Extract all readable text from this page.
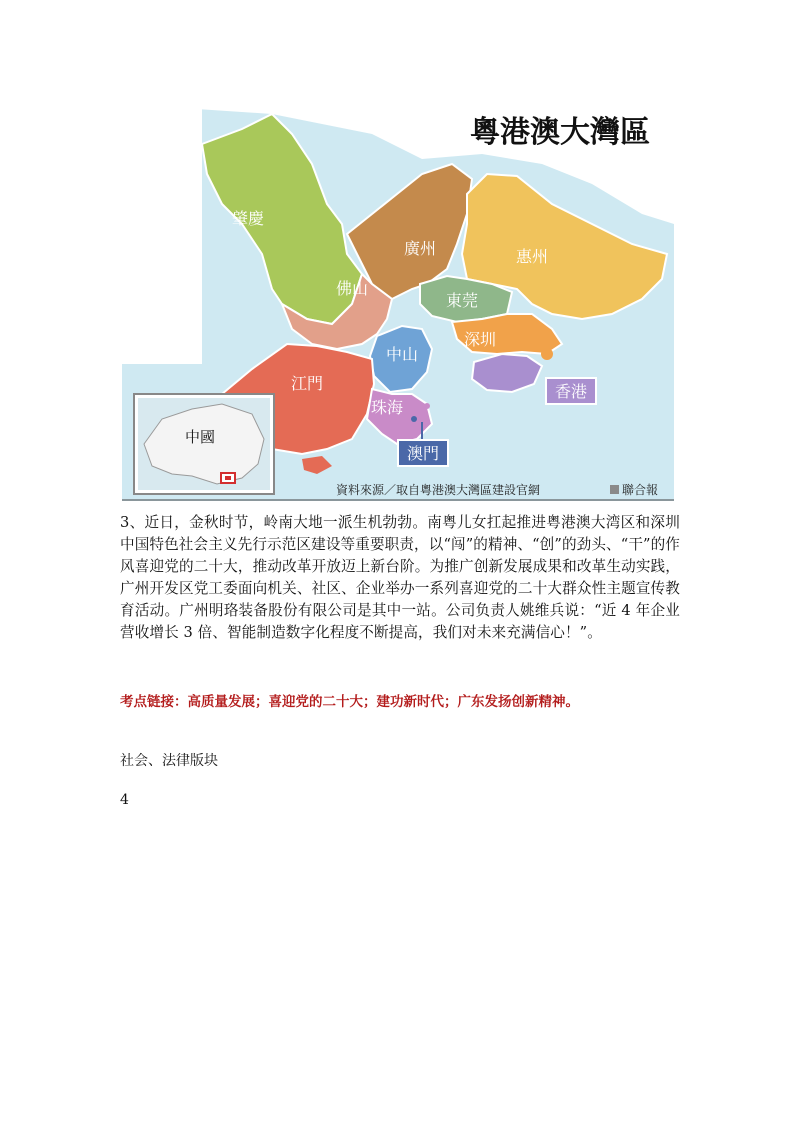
粵港澳大灣區
肇慶
廣州	惠州
佛山
東莞
深圳
中山
江門
珠海
香港
澳門
中國
資料來源／取自粵港澳大灣區建設官網	聯合報
3、近日，金秋时节，岭南大地一派生机勃勃。南粤儿女扛起推进粤港澳大湾区和深圳中国特色社会主义先行示范区建设等重要职责，以“闯”的精神、“创”的劲头、“干”的作风喜迎党的二十大，推动改革开放迈上新台阶。为推广创新发展成果和改革生动实践，广州开发区党工委面向机关、社区、企业举办一系列喜迎党的二十大群众性主题宣传教育活动。广州明珞装备股份有限公司是其中一站。公司负责人姚维兵说：“近 4 年企业营收增长 3 倍、智能制造数字化程度不断提高，我们对未来充满信心！”。
考点链接：高质量发展；喜迎党的二十大；建功新时代；广东发扬创新精神。
社会、法律版块
4
